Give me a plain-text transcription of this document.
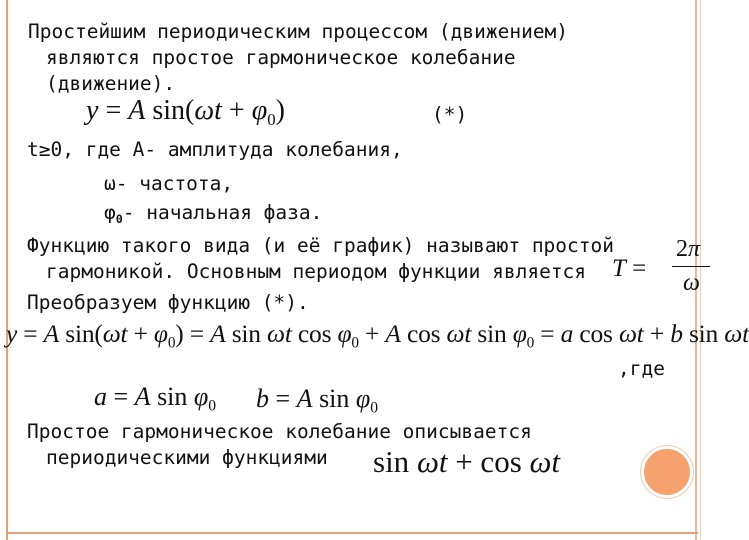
Простейшим периодическим процессом (движением)
являются простое гармоническое колебание
(движение).
y = A $\sin(\omega t + \varphi_0)$	(*)
t≥0, где A- амплитуда колебания,
ω- частота,
$\varphi_0-$ начальная фаза.
Функцию такого вида (и её график) называют простой
гармоникой. Основным периодом функции является T =
2π
ω
Преобразуем функцию (*).
y = A $\sin(\omega t + \varphi_0) = A$ sin ωt $\cos \varphi_0 + A$ cos ωt $\sin \varphi_0 = a$ cos ωt + b sin ωt
,где
a = A $\sin \varphi_0$ b = A $\sin \varphi_0$
Простое гармоническое колебание описывается
периодическими функциями sin ωt + cos ωt
